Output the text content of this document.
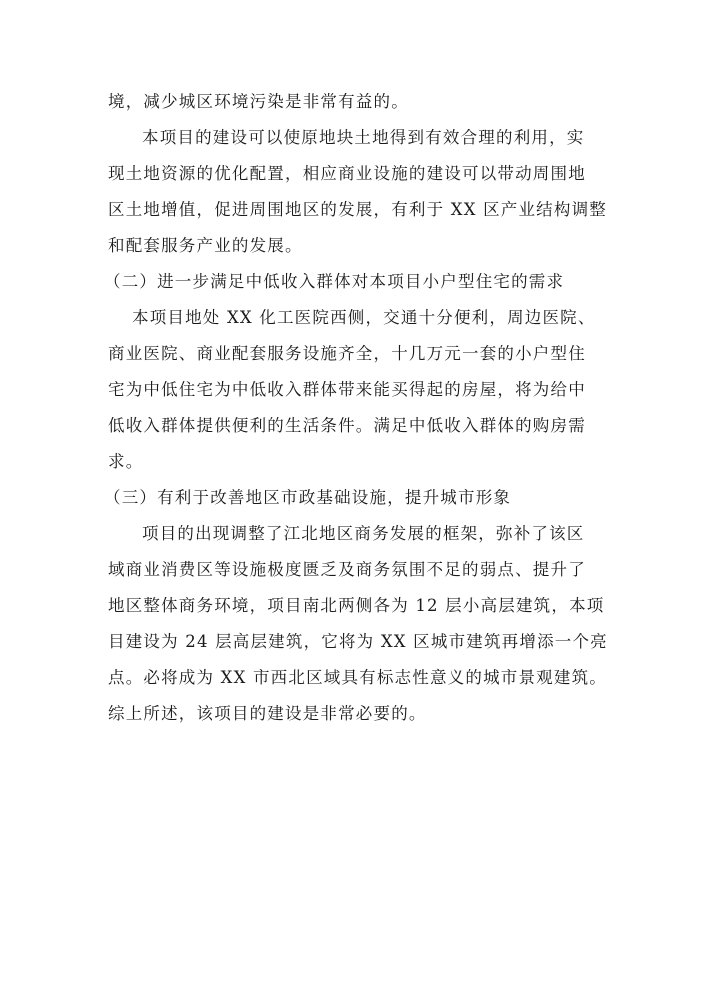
境，减少城区环境污染是非常有益的。
本项目的建设可以使原地块土地得到有效合理的利用，实
现土地资源的优化配置，相应商业设施的建设可以带动周围地
区土地增值，促进周围地区的发展，有利于 XX 区产业结构调整
和配套服务产业的发展。
（二）进一步满足中低收入群体对本项目小户型住宅的需求
本项目地处 XX 化工医院西侧，交通十分便利，周边医院、
商业医院、商业配套服务设施齐全，十几万元一套的小户型住
宅为中低住宅为中低收入群体带来能买得起的房屋，将为给中
低收入群体提供便利的生活条件。满足中低收入群体的购房需
求。
（三）有利于改善地区市政基础设施，提升城市形象
项目的出现调整了江北地区商务发展的框架，弥补了该区
域商业消费区等设施极度匮乏及商务氛围不足的弱点、提升了
地区整体商务环境，项目南北两侧各为 12 层小高层建筑，本项
目建设为 24 层高层建筑，它将为 XX 区城市建筑再增添一个亮
点。必将成为 XX 市西北区域具有标志性意义的城市景观建筑。
综上所述，该项目的建设是非常必要的。
